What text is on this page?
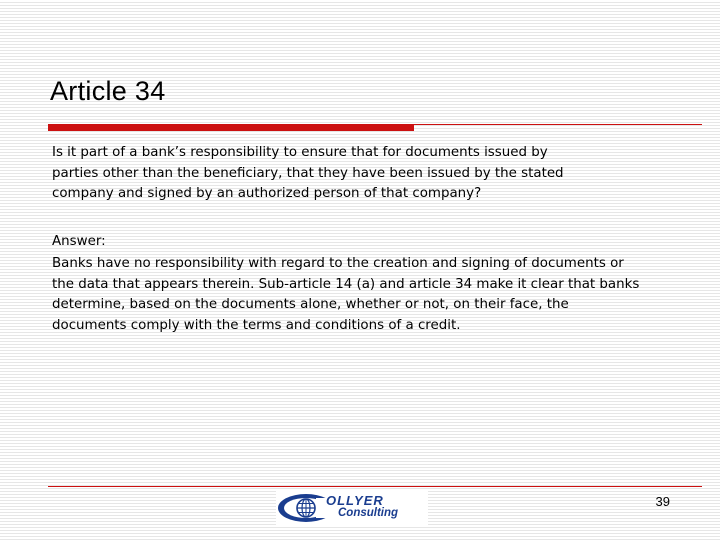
Article 34
Is it part of a bank’s responsibility to ensure that for documents issued by
parties other than the beneficiary, that they have been issued by the stated
company and signed by an authorized person of that company?
Answer:
Banks have no responsibility with regard to the creation and signing of documents or
the data that appears therein. Sub-article 14 (a) and article 34 make it clear that banks
determine, based on the documents alone, whether or not, on their face, the
documents comply with the terms and conditions of a credit.
OLLYER
Consulting
39
